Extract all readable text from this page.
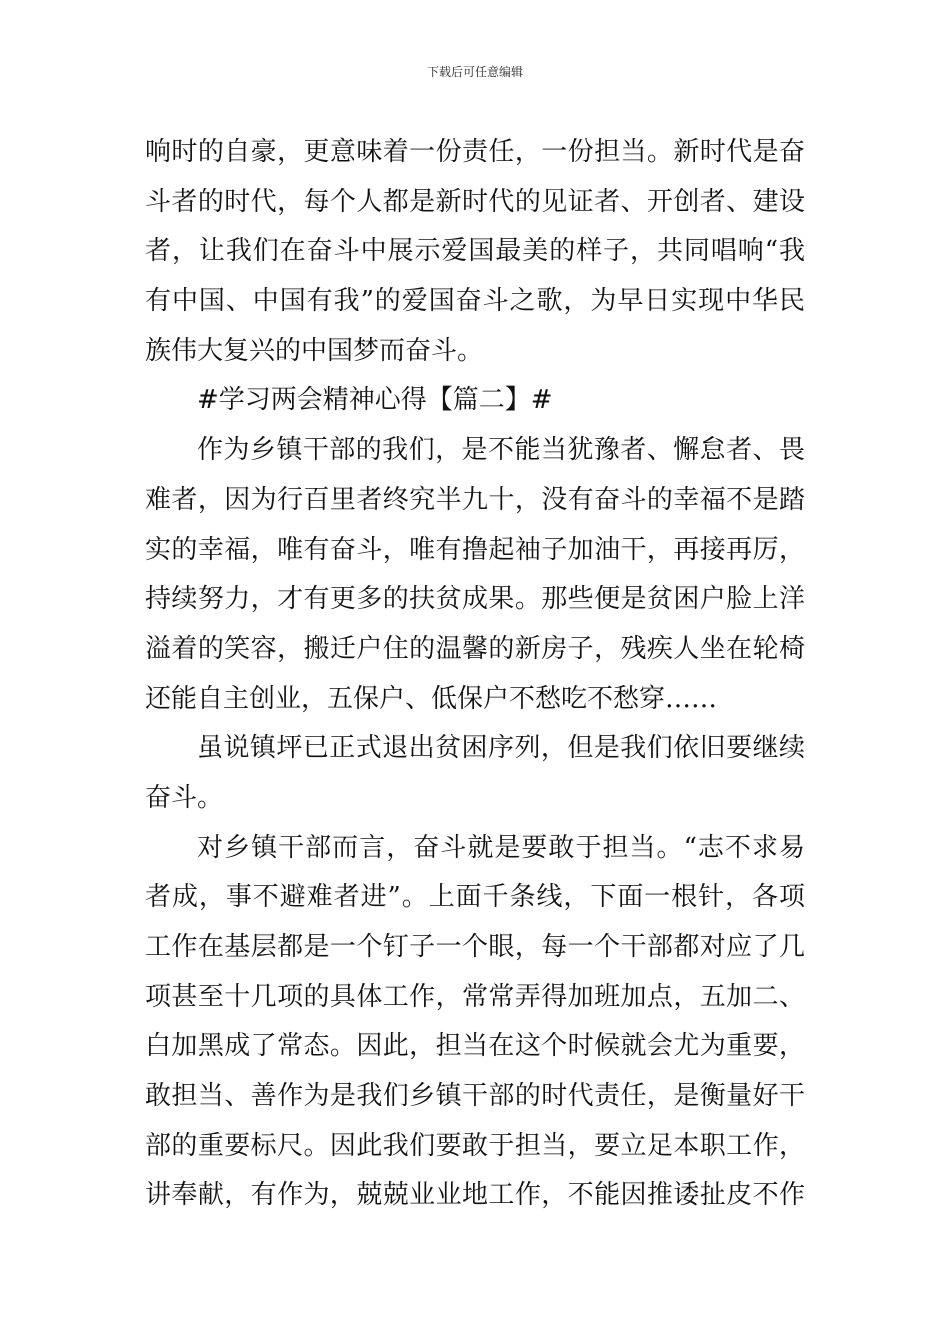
下载后可任意编辑
响时的自豪，更意味着一份责任，一份担当。新时代是奋
斗者的时代，每个人都是新时代的见证者、开创者、建设
者，让我们在奋斗中展示爱国最美的样子，共同唱响“我
有中国、中国有我”的爱国奋斗之歌，为早日实现中华民
族伟大复兴的中国梦而奋斗。
#学习两会精神心得【篇二】#
作为乡镇干部的我们，是不能当犹豫者、懈怠者、畏
难者，因为行百里者终究半九十，没有奋斗的幸福不是踏
实的幸福，唯有奋斗，唯有撸起袖子加油干，再接再厉，
持续努力，才有更多的扶贫成果。那些便是贫困户脸上洋
溢着的笑容，搬迁户住的温馨的新房子，残疾人坐在轮椅
还能自主创业，五保户、低保户不愁吃不愁穿……
虽说镇坪已正式退出贫困序列，但是我们依旧要继续
奋斗。
对乡镇干部而言，奋斗就是要敢于担当。“志不求易
者成，事不避难者进”。上面千条线，下面一根针，各项
工作在基层都是一个钉子一个眼，每一个干部都对应了几
项甚至十几项的具体工作，常常弄得加班加点，五加二、
白加黑成了常态。因此，担当在这个时候就会尤为重要，
敢担当、善作为是我们乡镇干部的时代责任，是衡量好干
部的重要标尺。因此我们要敢于担当，要立足本职工作，
讲奉献，有作为，兢兢业业地工作，不能因推诿扯皮不作
